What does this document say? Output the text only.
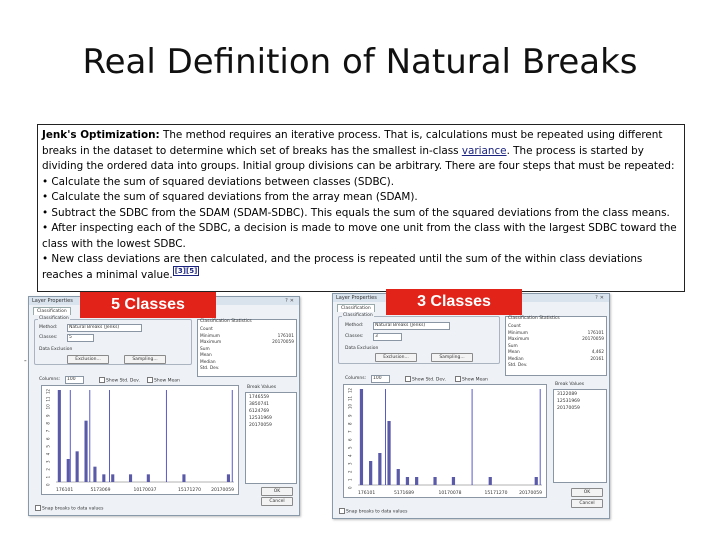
Real Definition of Natural Breaks

Jenk's Optimization: The method requires an iterative process. That is, calculations must be repeated using different breaks in the dataset to determine which set of breaks has the smallest in-class variance. The process is started by dividing the ordered data into groups. Initial group divisions can be arbitrary. There are four steps that must be repeated:

• Calculate the sum of squared deviations between classes (SDBC).

• Calculate the sum of squared deviations from the array mean (SDAM).

• Subtract the SDBC from the SDAM (SDAM-SDBC). This equals the sum of the squared deviations from the class means.

• After inspecting each of the SDBC, a decision is made to move one unit from the class with the largest SDBC toward the class with the lowest SDBC.

• New class deviations are then calculated, and the process is repeated until the sum of the within class deviations reaches a minimal value. [3][5]

-
Layer Properties	?✕
Classification
Classification
Method:	Natural Breaks (Jenks)
Classes:	5
Data Exclusion
Exclusion...	Sampling...
Classification Statistics
Count
Minimum	176101
Maximum	20170059
Sum
Mean
Median
Std. Dev.
Columns:	100	Show Std. Dev.	Show Mean
12
11
10
9
8
7
6
5
4
3
2
1
0
176101	5173069	10170037	15171270 20170059
Break Values
1746559
3850741
6124769
12531969
20170059
OK
Cancel
Snap breaks to data values
Layer Properties	?✕
Classification
Classification
Method:	Natural Breaks (Jenks)
Classes:	3
Data Exclusion
Exclusion...	Sampling...
Classification Statistics
Count
Minimum	176101
Maximum	20170059
Sum
Mean	4,462
Median	20161
Std. Dev.
Columns:	100	Show Std. Dev.	Show Mean
12
11
10
9
8
7
6
5
4
3
2
1
0
176101	5171689	10170078	15171270	20170059
Break Values
3122089
12531969
20170059
OK
Cancel
Snap breaks to data values
5 Classes	3 Classes
